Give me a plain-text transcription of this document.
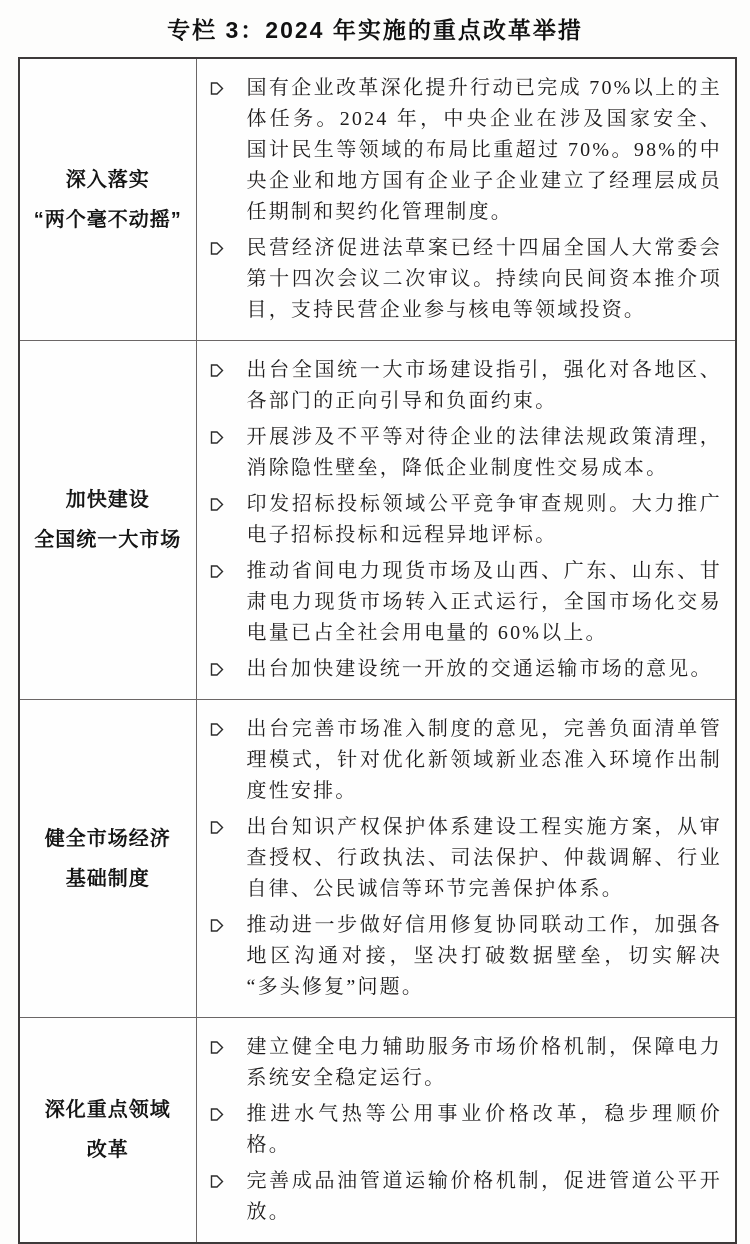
专栏 3：2024 年实施的重点改革举措
深入落实
“两个毫不动摇”

国有企业改革深化提升行动已完成 70%以上的主体任务。2024 年，中央企业在涉及国家安全、国计民生等领域的布局比重超过 70%。98%的中央企业和地方国有企业子企业建立了经理层成员任期制和契约化管理制度。
民营经济促进法草案已经十四届全国人大常委会第十四次会议二次审议。持续向民间资本推介项目，支持民营企业参与核电等领域投资。

加快建设
全国统一大市场

出台全国统一大市场建设指引，强化对各地区、各部门的正向引导和负面约束。
开展涉及不平等对待企业的法律法规政策清理，消除隐性壁垒，降低企业制度性交易成本。
印发招标投标领域公平竞争审查规则。大力推广电子招标投标和远程异地评标。
推动省间电力现货市场及山西、广东、山东、甘肃电力现货市场转入正式运行，全国市场化交易电量已占全社会用电量的 60%以上。
出台加快建设统一开放的交通运输市场的意见。

健全市场经济
基础制度

出台完善市场准入制度的意见，完善负面清单管理模式，针对优化新领域新业态准入环境作出制度性安排。
出台知识产权保护体系建设工程实施方案，从审查授权、行政执法、司法保护、仲裁调解、行业自律、公民诚信等环节完善保护体系。
推动进一步做好信用修复协同联动工作，加强各地区沟通对接，坚决打破数据壁垒，切实解决“多头修复”问题。

深化重点领域
改革

建立健全电力辅助服务市场价格机制，保障电力系统安全稳定运行。
推进水气热等公用事业价格改革，稳步理顺价格。
完善成品油管道运输价格机制，促进管道公平开放。
